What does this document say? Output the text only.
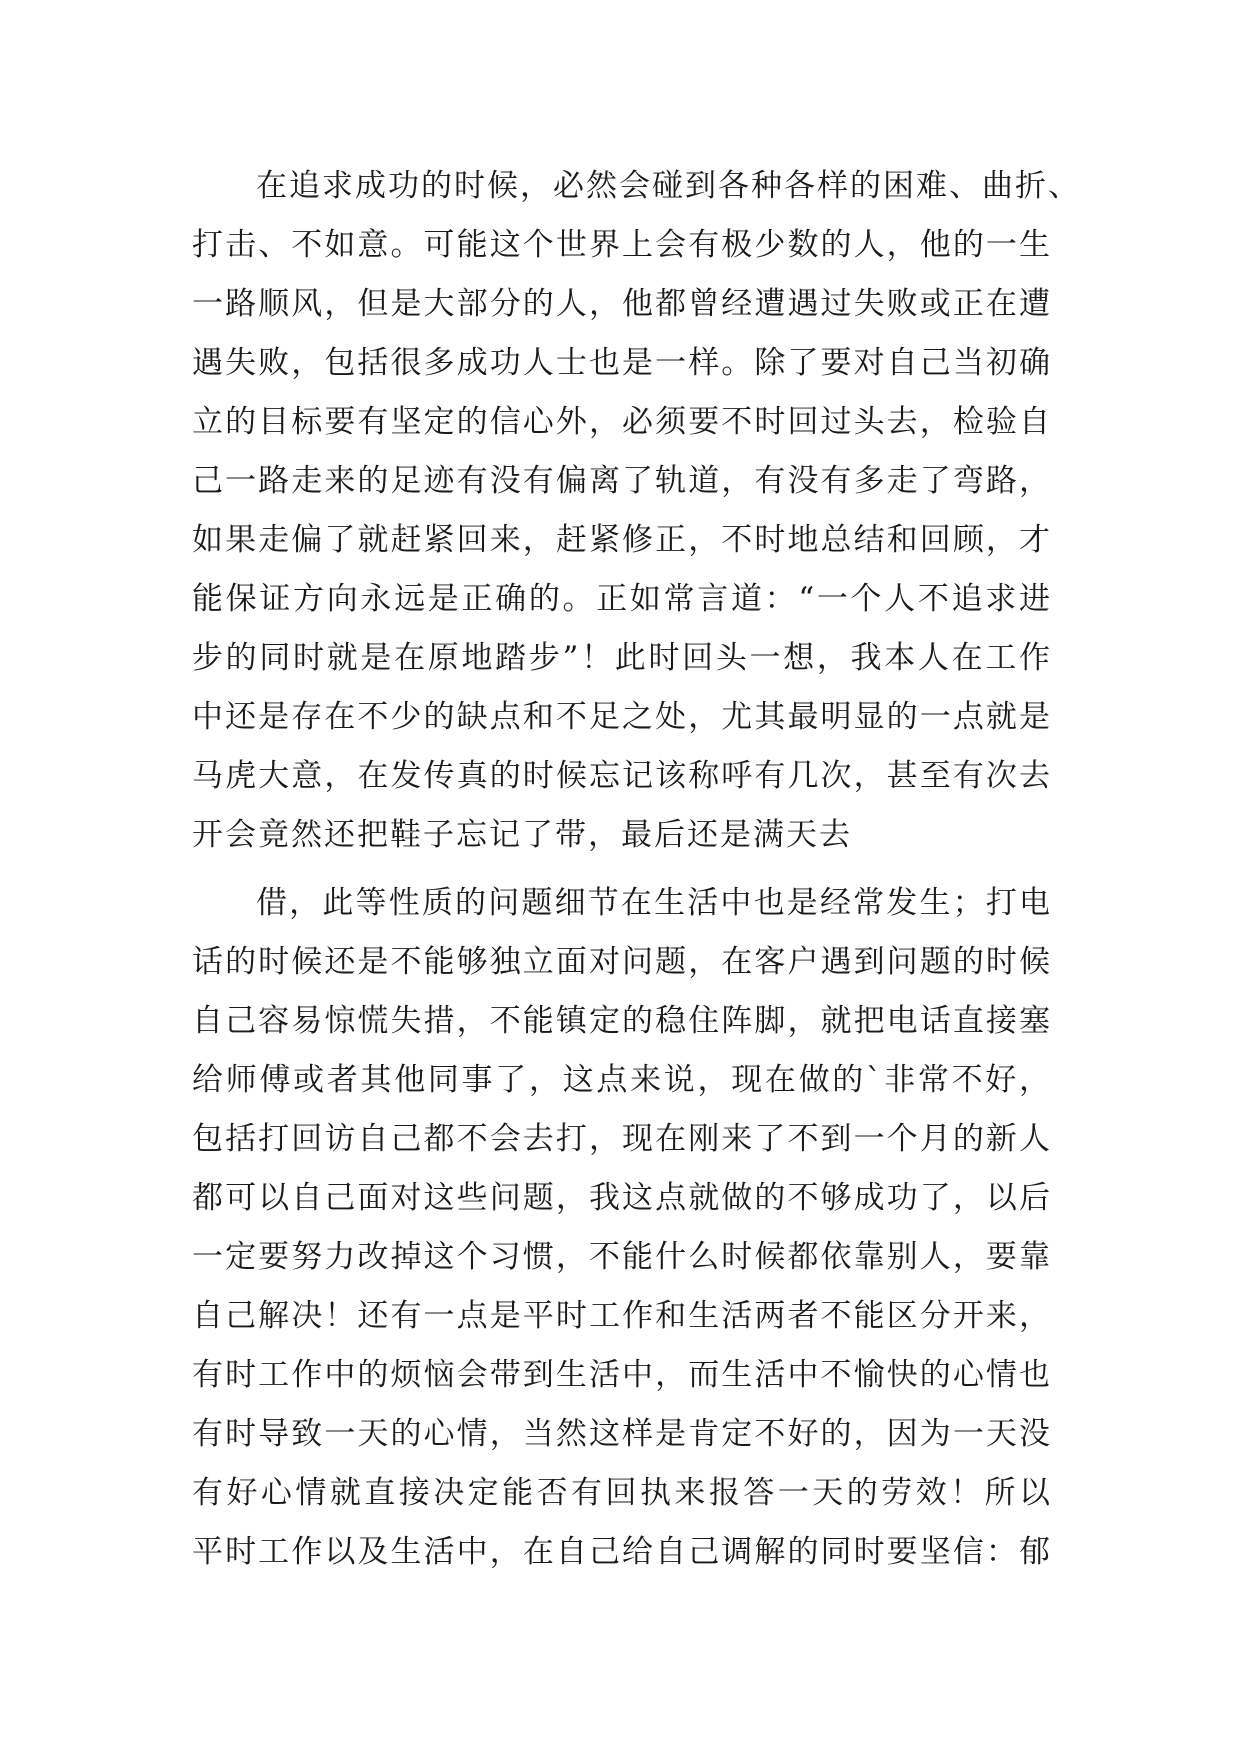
在追求成功的时候，必然会碰到各种各样的困难、曲折、
打击、不如意。可能这个世界上会有极少数的人，他的一生
一路顺风，但是大部分的人，他都曾经遭遇过失败或正在遭
遇失败，包括很多成功人士也是一样。除了要对自己当初确
立的目标要有坚定的信心外，必须要不时回过头去，检验自
己一路走来的足迹有没有偏离了轨道，有没有多走了弯路，
如果走偏了就赶紧回来，赶紧修正，不时地总结和回顾，才
能保证方向永远是正确的。正如常言道：“一个人不追求进
步的同时就是在原地踏步”！此时回头一想，我本人在工作
中还是存在不少的缺点和不足之处，尤其最明显的一点就是
马虎大意，在发传真的时候忘记该称呼有几次，甚至有次去
开会竟然还把鞋子忘记了带，最后还是满天去
借，此等性质的问题细节在生活中也是经常发生；打电
话的时候还是不能够独立面对问题，在客户遇到问题的时候
自己容易惊慌失措，不能镇定的稳住阵脚，就把电话直接塞
给师傅或者其他同事了，这点来说，现在做的`非常不好，
包括打回访自己都不会去打，现在刚来了不到一个月的新人
都可以自己面对这些问题，我这点就做的不够成功了，以后
一定要努力改掉这个习惯，不能什么时候都依靠别人，要靠
自己解决！还有一点是平时工作和生活两者不能区分开来，
有时工作中的烦恼会带到生活中，而生活中不愉快的心情也
有时导致一天的心情，当然这样是肯定不好的，因为一天没
有好心情就直接决定能否有回执来报答一天的劳效！所以
平时工作以及生活中，在自己给自己调解的同时要坚信：郁
